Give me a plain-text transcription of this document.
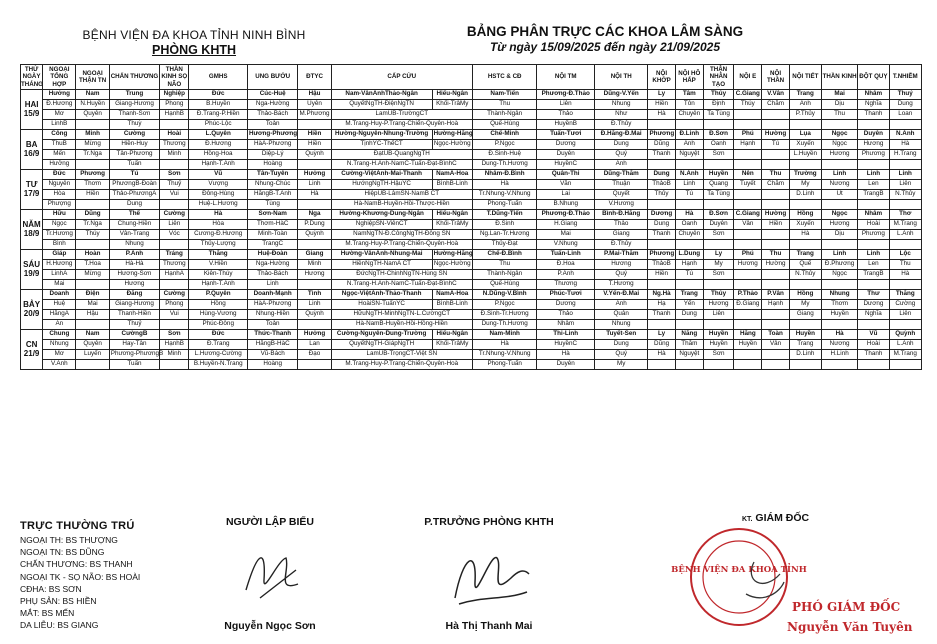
BỆNH VIỆN ĐA KHOA TỈNH NINH BÌNH
PHÒNG KHTH
BẢNG PHÂN TRỰC CÁC KHOA LÂM SÀNG
Từ ngày 15/09/2025 đến ngày 21/09/2025
THỨ NGÀY THÁNG	NGOẠI TỔNG HỢP	NGOẠI THẬN TN	CHẤN THƯƠNG	THẦN KINH SỌ NÃO	GMHS	UNG BƯỚU	ĐTYC	CẤP CỨU		HSTC & CĐ	NỘI TM	NỘI TH	NỘI KHỚP	NỘI HÔ HẤP	THẬN NHÂN TẠO	NỘI E	NỘI THẦN	NỘI TIẾT	THẦN KINH	ĐỘT QUỴ	T.NHIỄM
HAI
15/9	Hưởng	Nam	Trung	Nghiệp	Đức	Cúc-Huệ	Hậu	Nam-VânAnhThảo-Ngân	Hiếu-Ngân	Nam-Tiến	Phương-Đ.Thảo	Dũng-V.Yến	Ly	Tâm	Thủy	C.Giang	V.Vân	Trang	Mai	Nhâm	Thuý
	Đ.Hương	N.Huyền	Giang-Hương	Phong	B.Huyền	Nga-Hường	Uyên	QuyếtNgTH-ĐiệnNgTN	Khối-TrâMy	Thu	Liên	Nhung	Hiền	Tôn	Định	Thúy	Chăm	Anh	Dịu	Nghĩa	Dung
	Mơ	Quyên	Thanh-Sơn	HạnhB	Đ.Trang-P.Hiền	Thảo-Bách	M.Phương	LamUB-TrườngCT		Thành-Ngân	Thảo	Như	Hà	Chuyên	Ta Tùng			P.Thủy	Thu	Thanh	Loan
	LinhB		Thuỳ		Phúc-Lộc	Toản		M.Trang-Huy-P.Trang-Chiến-Quyên-Hoà		Quế-Hùng	HuyềnB	Đ.Thủy									
BA
16/9	Công	Minh	Cường	Hoài	L.Quyên	Hương-Phương	Hiền	Hường-Nguyên-Nhung-Trường	Hường-Hằng	Chế-Minh	Tuấn-Tươi	Đ.Hằng-Đ.Mai	Phương	Đ.Linh	Đ.Sơn	Phú	Hường	Lụa	Ngọc	Duyên	N.Anh
	ThuB	Mừng	Hiền-Huy	Thương	Đ.Hương	HàA-Phương	Hiền	TịnhYC-ThếCT	Ngọc-Hường	P.Ngọc	Dương	Dung	Dũng	Anh	Oanh	Hạnh	Tú	Xuyến	Ngọc	Hương	Hà
	Mến	Tr.Nga	Tân-Phương	Minh	Hồng-Hoa	Diệp-Lý	Quỳnh	ĐạtUB-QuangNgTH		Đ.Sinh-Huệ	Duyên	Quý	Thanh	Nguyệt	Sơn			L.Huyền	Hương	Phương	H.Trang
	Hưởng		Tuấn		Hạnh-T.Anh	Hoàng		N.Trang-H.Anh-NamC-Tuấn-Đạt-BìnhC		Dung-Th.Hương	HuyềnC	Anh									
TƯ
17/9	Đức	Phương	Tú	Sơn	Vũ	Tân-Tuyên	Hưởng	Cường-ViệtAnh-Mai-Thanh	NamA-Hoa	Nhâm-Đ.Bình	Quân-Thi	Dũng-Thắm	Dung	N.Anh	Huyền	Nên	Thu	Trường	Linh	Linh	Linh
	Nguyên	Thơm	PhươngB-Đoàn	Thuỷ	Vượng	Nhung-Chúc	Linh	HướngNgTH-HậuYC	BìnhB-Linh	Hà	Văn	Thuận	ThảoB	Linh	Quang	Tuyết	Chăm	My	Nương	Len	Liên
	Hòa	Hiền	Thảo-PhươngA	Vui	Đông-Hùng	HằngB-T.Anh	Hà	HiệpUB-LâmSN-NamB CT		Tr.Nhung-V.Nhung	Lai	Quyết	Thủy	Tú	Ta Tùng			D.Linh	Út	TrangB	N.Thủy
	Phượng		Dung		Huệ-L.Hương	Tùng		Hà-NamB-Huyền-Hồi-Thược-Hiền		Phong-Tuấn	B.Nhung	V.Hương									
NĂM
18/9	Hữu	Dũng	Thế	Cường	Hà	Sơn-Nam	Nga	Hường-Khương-Dung-Ngân	Hiếu-Ngân	T.Dũng-Tiến	Phương-Đ.Thảo	Bình-Đ.Hằng	Dương	Hà	Đ.Sơn	C.Giang	Hường	Hồng	Ngọc	Nhâm	Thơ
	Ngọc	Tr.Nga	Chung-Hiền	Liên	Hòa	Thơm-HàC	P.Dung	NghiệpSN-ViênCT	Khối-TrâMy	Đ.Sinh	H.Giang	Thảo	Dung	Oanh	Duyên	Vân	Hiền	Xuyến	Hương	Hoài	M.Trang
	Tr.Hương	Thúy	Vân-Trang	Vóc	Cương-Đ.Hương	Minh-Toàn	Quỳnh	NamNgTN-Đ.CôngNgTH-Đông SN		Ng.Lan-Tr.Hương	Mai	Giang	Thanh	Chuyên	Sơn			Hà	Dịu	Phương	L.Anh
	Bình		Nhung		Thủy-Lượng	TrangC		M.Trang-Huy-P.Trang-Chiến-Quyên-Hoà		Thủy-Đạt	V.Nhung	Đ.Thủy									
SÁU
19/9	Giáp	Hoàn	P.Anh	Tráng	Thắng	Huệ-Đoàn	Giang	Hường-VânAnh-Nhung-Mai	Hường-Hằng	Chế-Đ.Bình	Tuấn-Linh	P.Mai-Thắm	Phương	L.Dung	Ly	Phú	Thu	Trang	Linh	Linh	Lộc
	H.Hương	T.Hoa	Hà-Hà	Thương	V.Hiền	Nga-Hường	Minh	HiềnNgTH-NamA CT	Ngọc-Hường	Thu	Đ.Hoa	Hương	ThảoB	Hạnh	My	Hương	Hường	Quế	Đ.Phương	Len	Thu
	LinhA	Mừng	Hương-Sơn	HạnhA	Kiên-Thúy	Thảo-Bách	Hương	ĐứcNgTH-ChinhNgTN-Hùng SN		Thành-Ngân	P.Anh	Quý	Hiền	Tú	Sơn			N.Thủy	Ngọc	TrangB	Hà
	Mai		Hương		Hạnh-T.Anh	Linh		N.Trang-H.Anh-NamC-Tuấn-Đạt-BìnhC		Quế-Hùng	Thương	T.Hương									
BẢY
20/9	Doanh	Điện	Đăng	Cường	P.Quyên	Doanh-Mạnh	Tình	Ngọc-ViệtAnh-Thảo-Thanh	NamA-Hoa	N.Dũng-V.Bình	Phúc-Tươi	V.Yến-Đ.Mai	Ng.Hà	Trang	Thủy	P.Thảo	P.Vân	Hồng	Nhung	Thư	Thắng
	Huệ	Mai	Giang-Hương	Phong	Hồng	HàA-Phương	Linh	HoàiSN-TuấnYC	BìnhB-Linh	P.Ngọc	Dương	Anh	Hạ	Yến	Hương	Đ.Giang	Hạnh	My	Thơm	Dương	Cường
	HằngA	Hậu	Thanh-Hiền	Vui	Hùng-Vương	Nhung-Hiền	Quỳnh	HữuNgTH-MinhNgTN-L.CườngCT		Đ.Sinh-Tr.Hương	Thảo	Quân	Thanh	Dung	Liên			Giang	Huyền	Nghĩa	Liên
	An		Thuỷ		Phúc-Đông	Toản		Hà-NamB-Huyền-Hồi-Hồng-Hiền		Dung-Th.Hương	Nhâm	Nhung									
CN
21/9	Chung	Nam	CườngB	Sơn	Đức	Thức-Thanh	Hưởng	Cường-Nguyên-Dung-Trường	Hiếu-Ngân	Nam-Minh	Thi-Linh	Tuyết-Sen	Ly	Năng	Huyền	Hằng	Toàn	Huyền	Hà	Vũ	Quỳnh
	Nhung	Quyên	Hay-Tân	HạnhB	Đ.Trang	HằngB-HàC	Lan	QuyếtNgTH-GiápNgTH	Khối-TrâMy	Hà	HuyềnC	Dung	Dũng	Thắm	Huyền	Huyền	Vân	Trang	Nương	Hoài	L.Anh
	Mơ	Luyến	Phương-PhươngB	Minh	L.Hương-Cường	Vũ-Bách	Đạo	LamUB-TrọngCT-Việt SN		Tr.Nhung-V.Nhung	Hà	Quý	Hà	Nguyệt	Sơn			D.Linh	H.Linh	Thanh	M.Trang
	V.Anh		Tuấn		B.Huyền-N.Trang	Hoàng		M.Trang-Huy-P.Trang-Chiến-Quyên-Hoà		Phong-Tuấn	Duyên	My									
TRỰC THƯỜNG TRÚ
NGOẠI TH: BS THƯỢNG
NGOẠI TN: BS DŨNG
CHẤN THƯƠNG: BS THANH
NGOẠI TK - SỌ NÃO: BS HOÀI
CĐHA: BS SƠN
PHỤ SẢN: BS HIỀN
MẮT: BS MẾN
DA LIỄU: BS GIANG
NGƯỜI LẬP BIỂU
Nguyễn Ngọc Sơn
P.TRƯỞNG PHÒNG KHTH
Hà Thị Thanh Mai
KT. GIÁM ĐỐC
BỆNH VIỆN ĐA KHOA TỈNH
PHÓ GIÁM ĐỐC
Nguyễn Văn Tuyên
